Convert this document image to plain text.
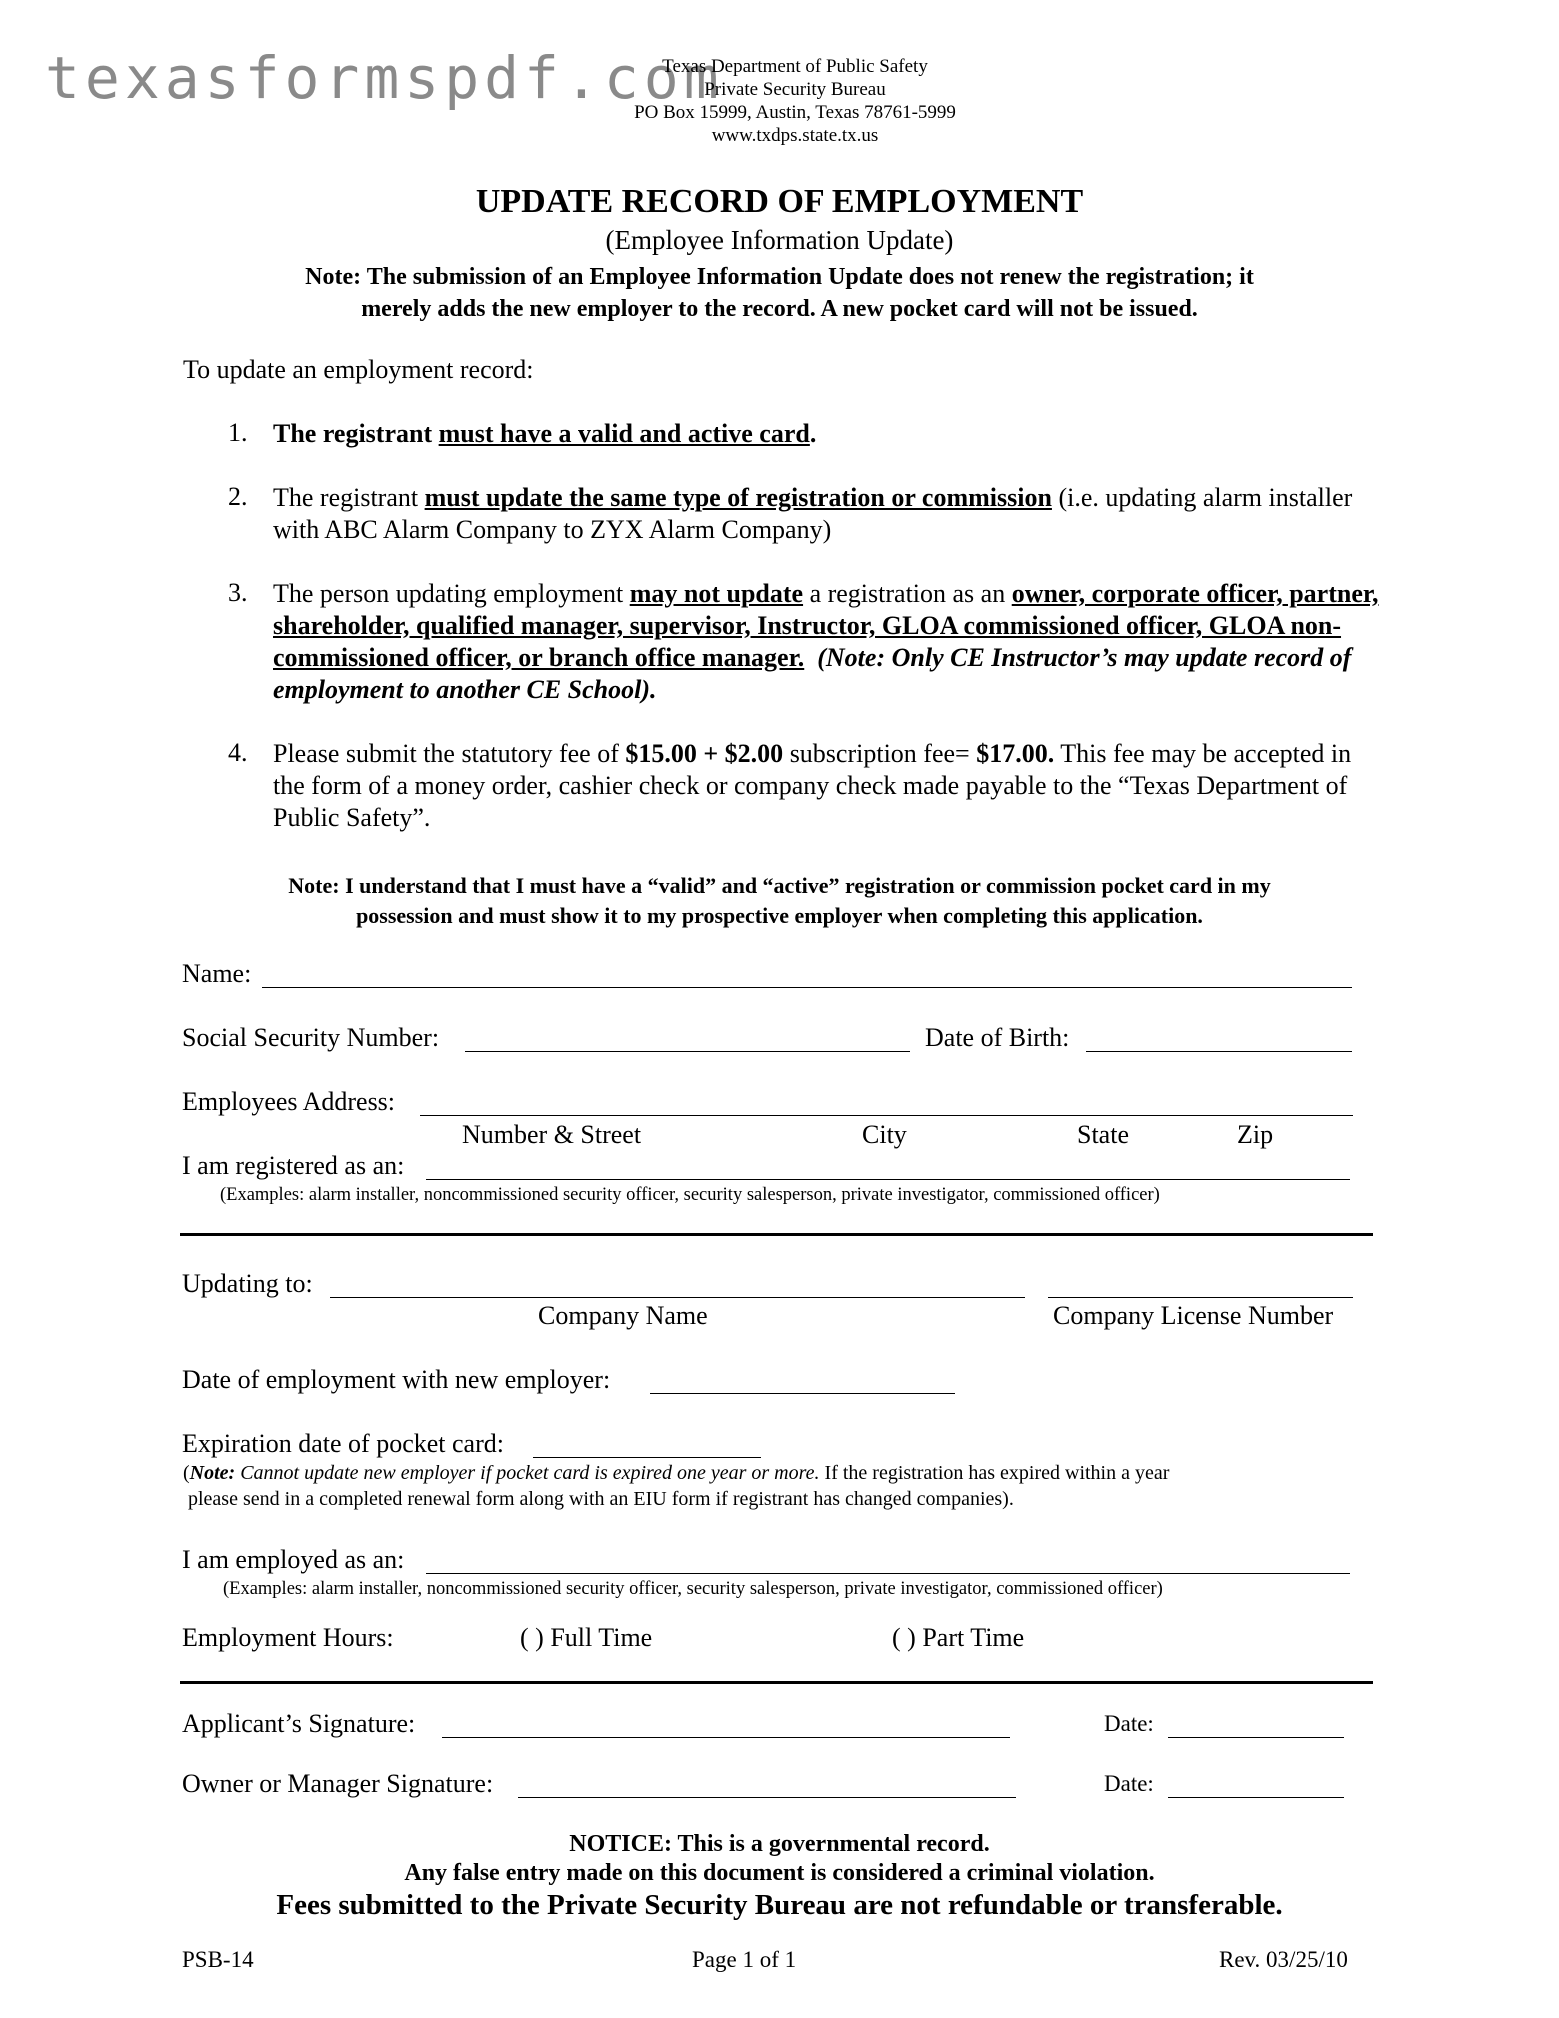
texasformspdf.com
Texas Department of Public Safety
Private Security Bureau
PO Box 15999, Austin, Texas 78761-5999
www.txdps.state.tx.us
UPDATE RECORD OF EMPLOYMENT
(Employee Information Update)
Note: The submission of an Employee Information Update does not renew the registration; it
merely adds the new employer to the record. A new pocket card will not be issued.
To update an employment record:
1. The registrant must have a valid and active card.
2. The registrant must update the same type of registration or commission (i.e. updating alarm installer with ABC Alarm Company to ZYX Alarm Company)
3. The person updating employment may not update a registration as an owner, corporate officer, partner, shareholder, qualified manager, supervisor, Instructor, GLOA commissioned officer, GLOA non-commissioned officer, or branch office manager. (Note: Only CE Instructor’s may update record of employment to another CE School).
4. Please submit the statutory fee of $15.00 + $2.00 subscription fee= $17.00. This fee may be accepted in the form of a money order, cashier check or company check made payable to the “Texas Department of Public Safety”.
Note: I understand that I must have a “valid” and “active” registration or commission pocket card in my
possession and must show it to my prospective employer when completing this application.
Name:
Social Security Number:	Date of Birth:
Employees Address:
Number & Street	City	State	Zip
I am registered as an:
(Examples: alarm installer, noncommissioned security officer, security salesperson, private investigator, commissioned officer)
Updating to:
Company Name	Company License Number
Date of employment with new employer:
Expiration date of pocket card:
(Note: Cannot update new employer if pocket card is expired one year or more. If the registration has expired within a year
please send in a completed renewal form along with an EIU form if registrant has changed companies).
I am employed as an:
(Examples: alarm installer, noncommissioned security officer, security salesperson, private investigator, commissioned officer)
Employment Hours:	( ) Full Time	( ) Part Time
Applicant’s Signature:	Date:
Owner or Manager Signature:	Date:
NOTICE: This is a governmental record.
Any false entry made on this document is considered a criminal violation.
Fees submitted to the Private Security Bureau are not refundable or transferable.
PSB-14	Page 1 of 1	Rev. 03/25/10
